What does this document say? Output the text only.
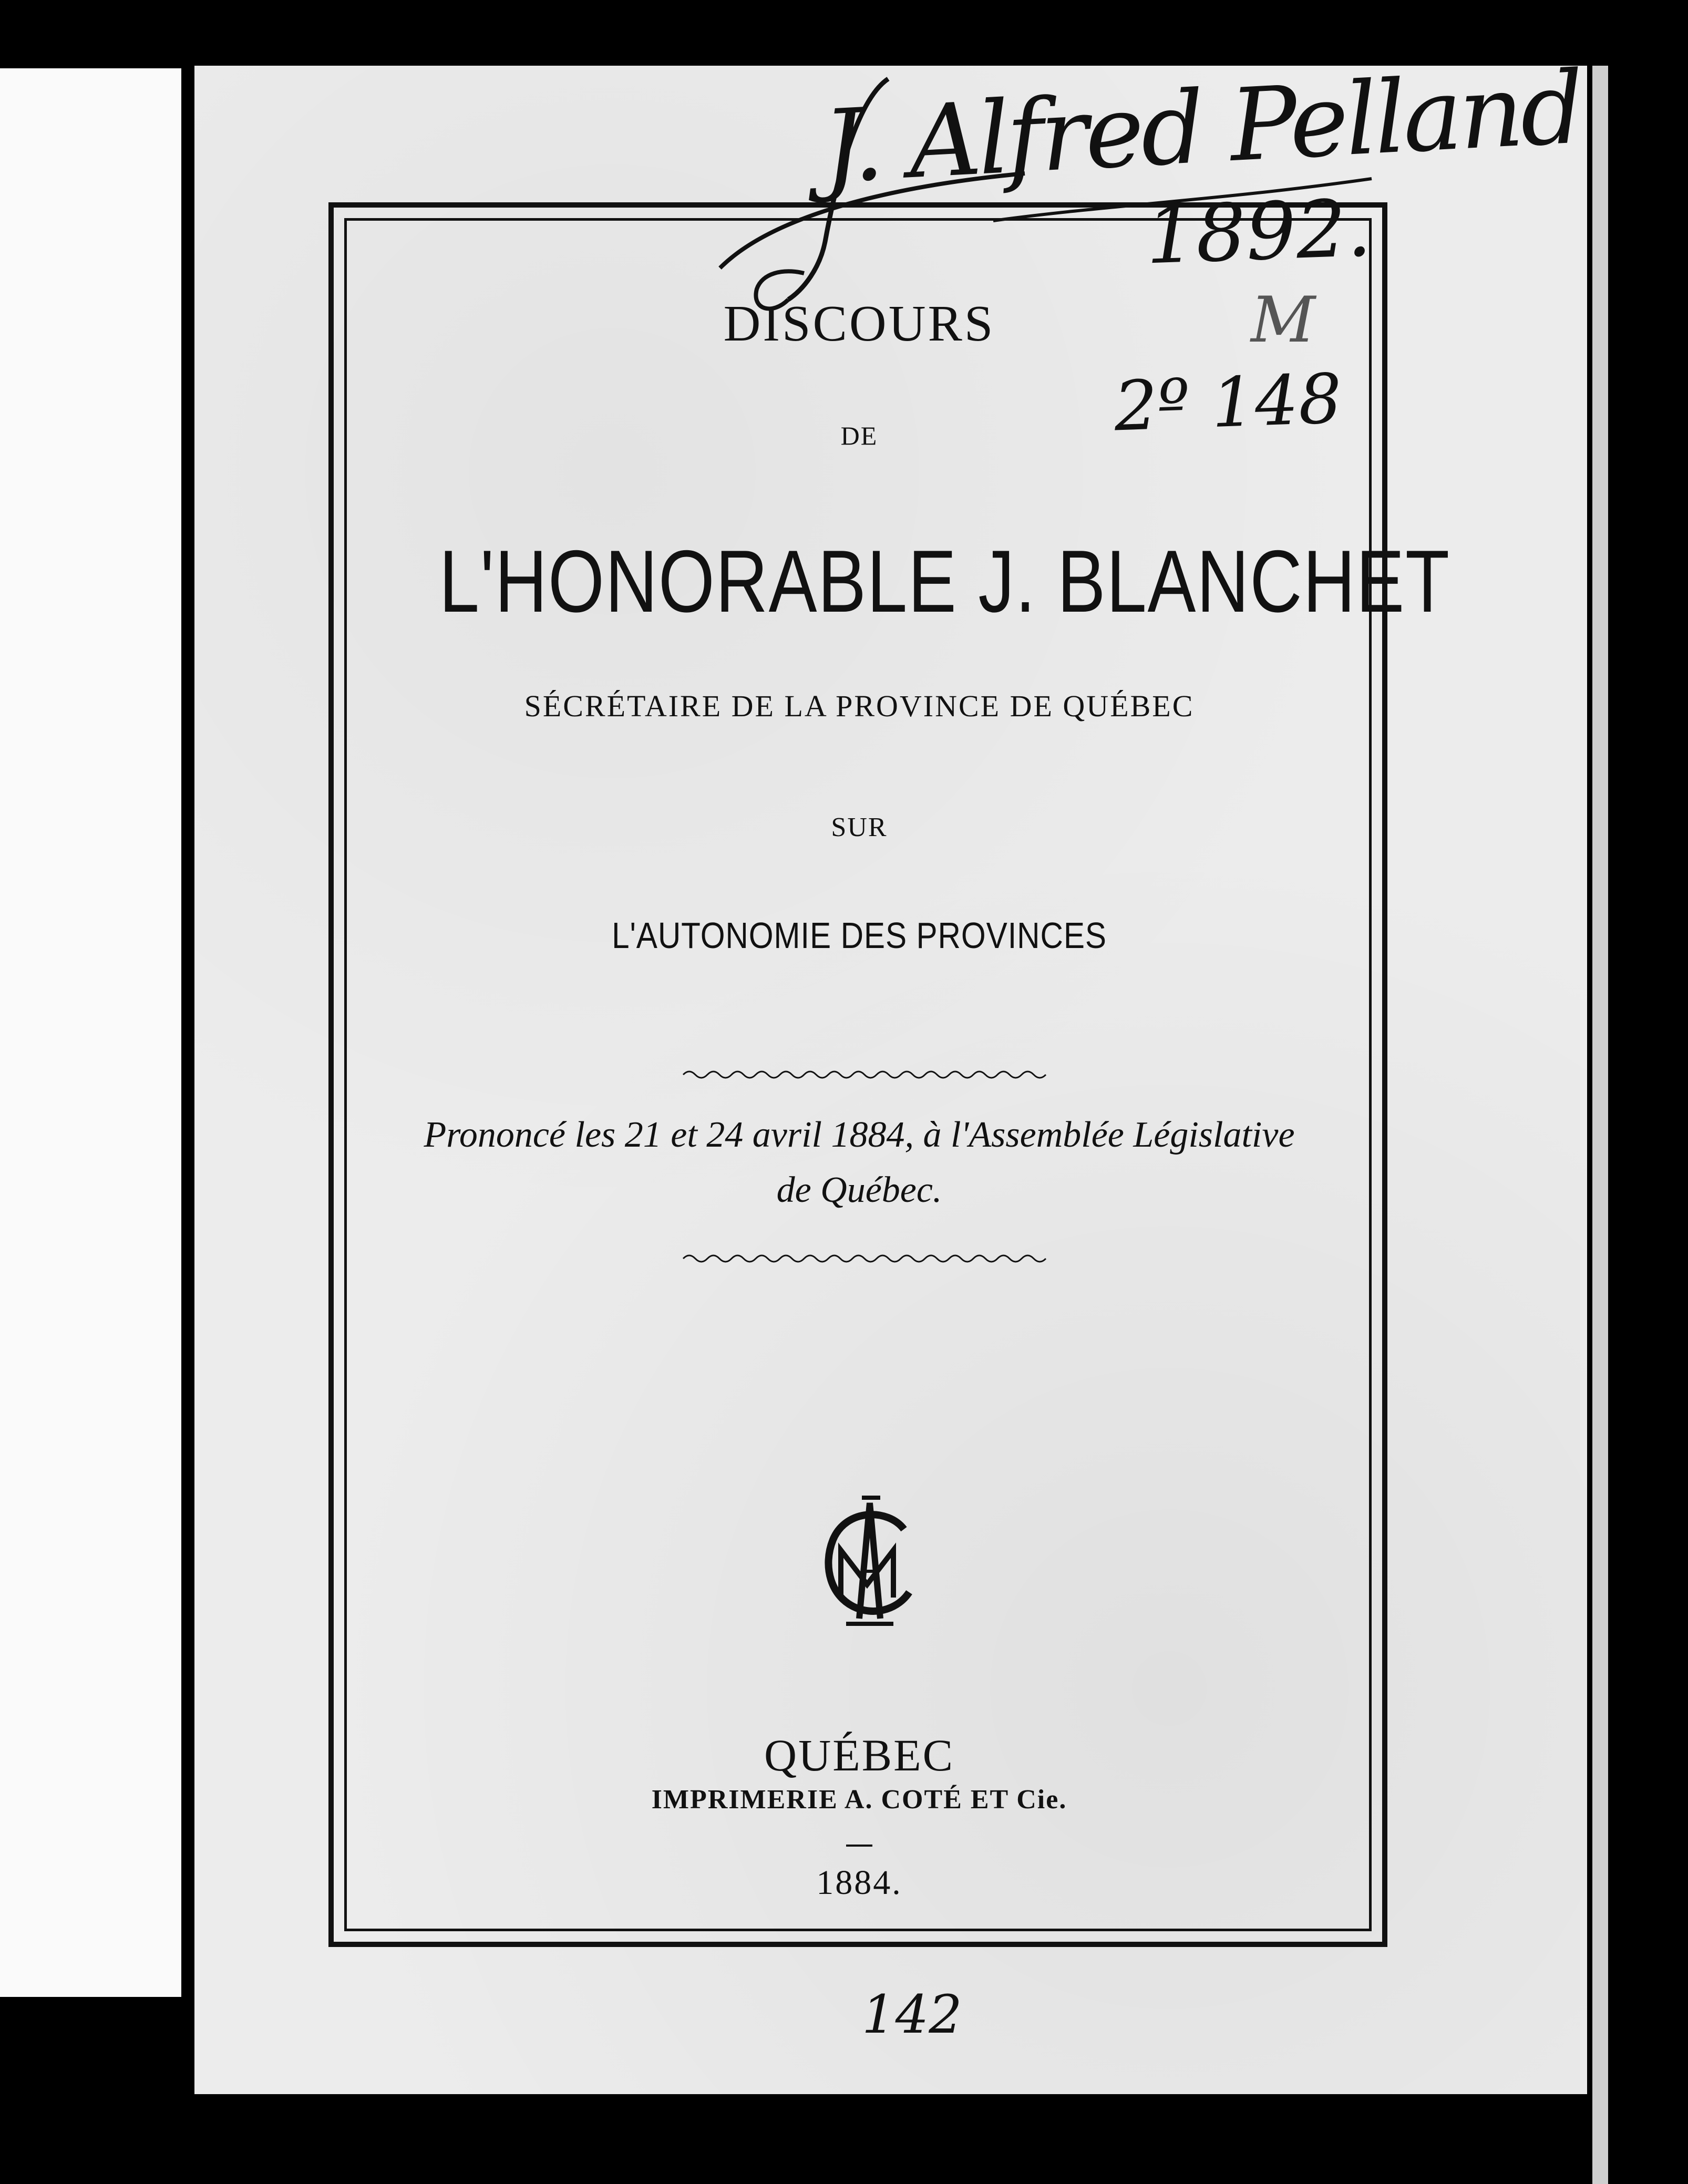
J. Alfred Pelland
1892.
M
2º 148
DISCOURS
DE
L'HONORABLE J. BLANCHET
SÉCRÉTAIRE DE LA PROVINCE DE QUÉBEC
SUR
L'AUTONOMIE DES PROVINCES
Prononcé les 21 et 24 avril 1884, à l'Assemblée Législative
de Québec.
QUÉBEC
IMPRIMERIE A. COTÉ ET Cie.
1884.
142
